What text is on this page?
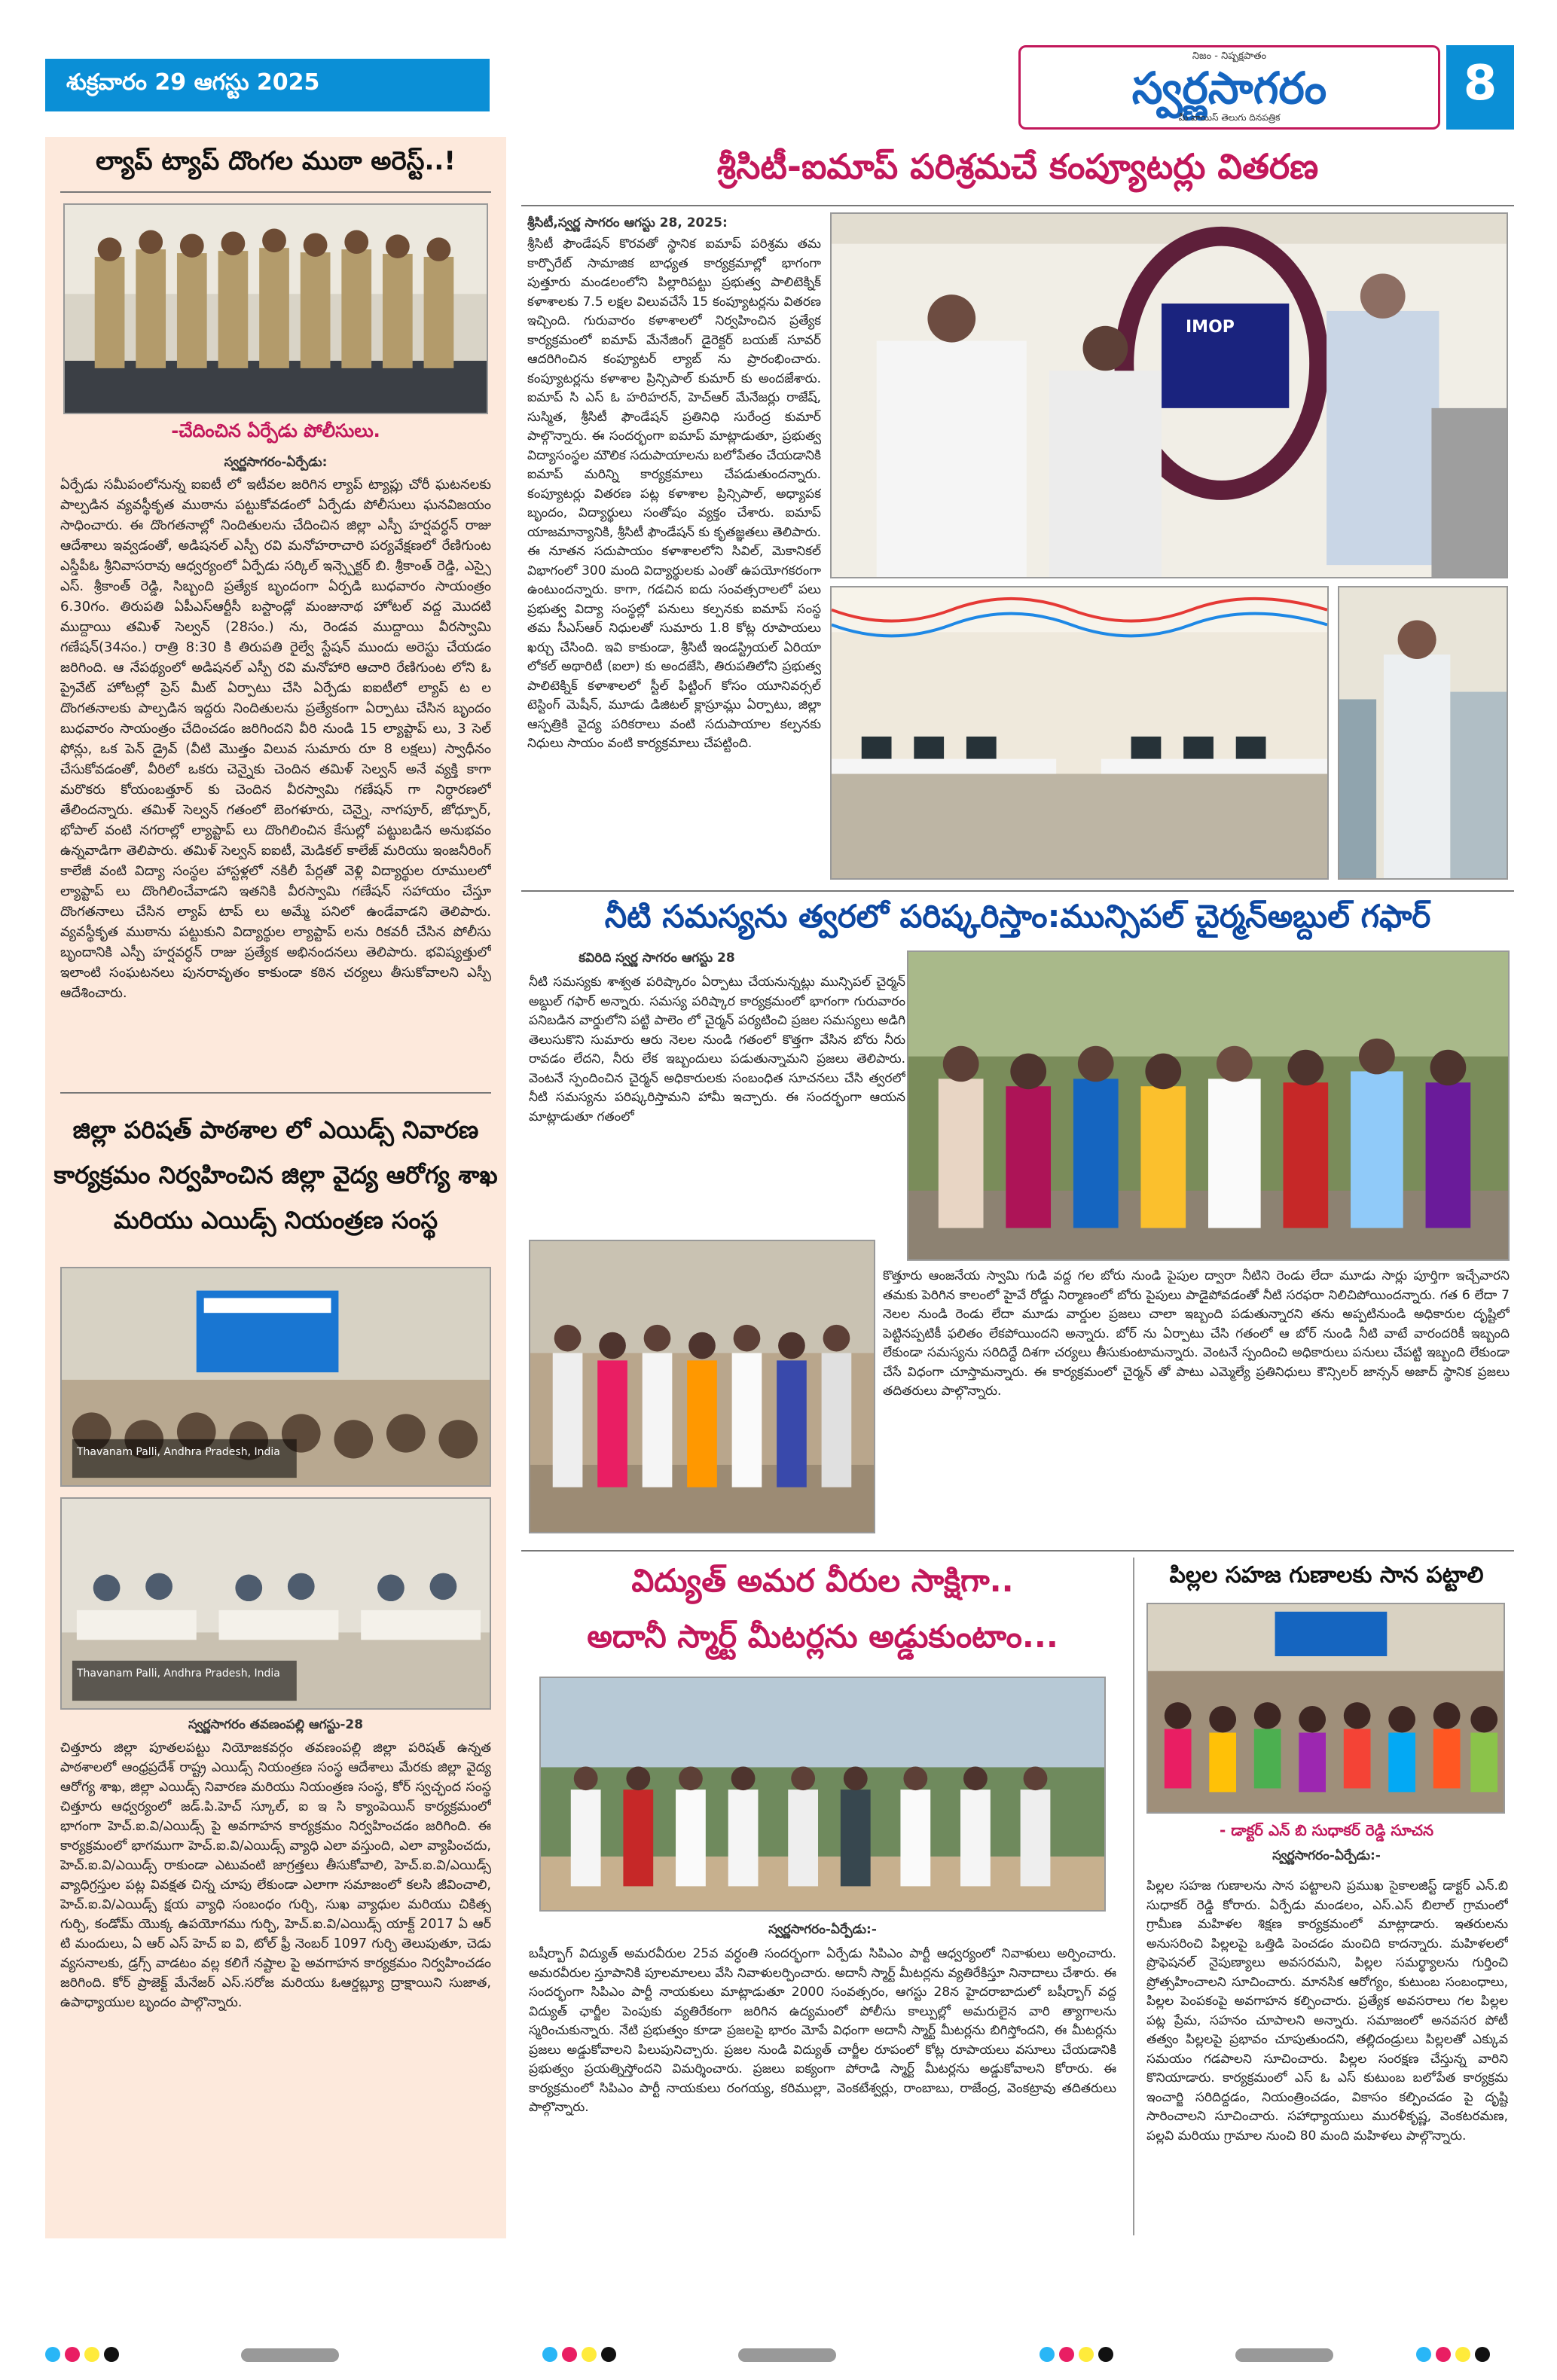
శుక్రవారం 29 ఆగస్టు 2025
నిజం - నిష్పక్షపాతం
స్వర్ణసాగరం
మీ వాయిస్ తెలుగు దినపత్రిక
8
ల్యాప్ ట్యాప్ దొంగల ముఠా అరెస్ట్..!
-చేదించిన ఏర్పేడు పోలీసులు.
స్వర్ణసాగరం-ఏర్పేడు:
ఏర్పేడు సమీపంలోనున్న ఐఐటీ లో ఇటీవల జరిగిన ల్యాప్ ట్యాప్లు చోరీ ఘటనలకు పాల్పడిన వ్యవస్థీకృత ముఠాను పట్టుకోవడంలో ఏర్పేడు పోలీసులు ఘనవిజయం సాధించారు. ఈ దొంగతనాల్లో నిందితులను చేదించిన జిల్లా ఎస్పీ హర్షవర్ధన్ రాజు ఆదేశాలు ఇవ్వడంతో, అడిషనల్ ఎస్పీ రవి మనోహరాచారి పర్యవేక్షణలో రేణిగుంట ఎస్డీపీఓ శ్రీనివాసరావు ఆధ్వర్యంలో ఏర్పేడు సర్కిల్ ఇన్స్పెక్టర్ బి. శ్రీకాంత్ రెడ్డి, ఎస్సై ఎస్. శ్రీకాంత్ రెడ్డి, సిబ్బంది ప్రత్యేక బృందంగా ఏర్పడి బుధవారం సాయంత్రం 6.30గం. తిరుపతి ఏపీఎస్ఆర్టీసీ బస్టాండ్లో మంజునాథ హోటల్ వద్ద మొదటి ముద్దాయి తమిళ్ సెల్వన్ (28సం.) ను, రెండవ ముద్దాయి వీరస్వామి గణేషన్(34సం.) రాత్రి 8:30 కి తిరుపతి రైల్వే స్టేషన్ ముందు అరెస్టు చేయడం జరిగింది. ఆ నేపథ్యంలో అడిషనల్ ఎస్పీ రవి మనోహారి ఆచారి రేణిగుంట లోని ఓ ప్రైవేట్ హోటల్లో ప్రెస్ మీట్ ఏర్పాటు చేసి ఏర్పేడు ఐఐటీలో ల్యాప్ ట ల దొంగతనాలకు పాల్పడిన ఇద్దరు నిందితులను ప్రత్యేకంగా ఏర్పాటు చేసిన బృందం బుధవారం సాయంత్రం చేదించడం జరిగిందని వీరి నుండి 15 ల్యాప్టాప్ లు, 3 సెల్ ఫోన్లు, ఒక పెన్ డ్రైవ్ (వీటి మొత్తం విలువ సుమారు రూ 8 లక్షలు) స్వాధీనం చేసుకోవడంతో, వీరిలో ఒకరు చెన్నైకు చెందిన తమిళ్ సెల్వన్ అనే వ్యక్తి కాగా మరొకరు కోయంబత్తూర్ కు చెందిన వీరస్వామి గణేషన్ గా నిర్ధారణలో తేలిందన్నారు. తమిళ్ సెల్వన్ గతంలో బెంగళూరు, చెన్నై, నాగపూర్, జోధ్పూర్, భోపాల్ వంటి నగరాల్లో ల్యాప్టాప్ లు దొంగిలించిన కేసుల్లో పట్టుబడిన అనుభవం ఉన్నవాడిగా తెలిపారు. తమిళ్ సెల్వన్ ఐఐటీ, మెడికల్ కాలేజ్ మరియు ఇంజనీరింగ్ కాలేజీ వంటి విద్యా సంస్థల హాస్టళ్లలో నకిలీ పేర్లతో వెళ్లి విద్యార్థుల రూములలో ల్యాప్టాప్ లు దొంగిలించేవాడని ఇతనికి వీరస్వామి గణేషన్ సహాయం చేస్తూ దొంగతనాలు చేసిన ల్యాప్ టాప్ లు అమ్మే పనిలో ఉండేవాడని తెలిపారు. వ్యవస్థీకృత ముఠాను పట్టుకుని విద్యార్థుల ల్యాప్టాప్ లను రికవరీ చేసిన పోలీసు బృందానికి ఎస్పీ హర్షవర్ధన్ రాజు ప్రత్యేక అభినందనలు తెలిపారు. భవిష్యత్తులో ఇలాంటి సంఘటనలు పునరావృతం కాకుండా కఠిన చర్యలు తీసుకోవాలని ఎస్పీ ఆదేశించారు.
జిల్లా పరిషత్ పాఠశాల లో ఎయిడ్స్ నివారణ కార్యక్రమం నిర్వహించిన జిల్లా వైద్య ఆరోగ్య శాఖ మరియు ఎయిడ్స్ నియంత్రణ సంస్థ
Thavanam Palli, Andhra Pradesh, India
Thavanam Palli, Andhra Pradesh, India
స్వర్ణసాగరం తవణంపల్లి ఆగస్టు-28
చిత్తూరు జిల్లా పూతలపట్టు నియోజకవర్గం తవణంపల్లి జిల్లా పరిషత్ ఉన్నత పాఠశాలలో ఆంధ్రప్రదేశ్ రాష్ట్ర ఎయిడ్స్ నియంత్రణ సంస్థ ఆదేశాలు మేరకు జిల్లా వైద్య ఆరోగ్య శాఖ, జిల్లా ఎయిడ్స్ నివారణ మరియు నియంత్రణ సంస్థ, కోర్ స్వచ్ఛంద సంస్థ చిత్తూరు ఆధ్వర్యంలో జడ్.పి.హెచ్ స్కూల్, ఐ ఇ సి క్యాంపెయిన్ కార్యక్రమంలో భాగంగా హెచ్.ఐ.వి/ఎయిడ్స్ పై అవగాహన కార్యక్రమం నిర్వహించడం జరిగింది. ఈ కార్యక్రమంలో భాగముగా హెచ్.ఐ.వి/ఎయిడ్స్ వ్యాధి ఎలా వస్తుంది, ఎలా వ్యాపించదు, హెచ్.ఐ.వి/ఎయిడ్స్ రాకుండా ఎటువంటి జాగ్రత్తలు తీసుకోవాలి, హెచ్.ఐ.వి/ఎయిడ్స్ వ్యాధిగ్రస్తుల పట్ల వివక్షత చిన్న చూపు లేకుండా ఎలాగా సమాజంలో కలసి జీవించాలి, హెచ్.ఐ.వి/ఎయిడ్స్ క్షయ వ్యాధి సంబంధం గుర్చి, సుఖ వ్యాధుల మరియు చికిత్స గుర్చి, కండోమ్ యొక్క ఉపయోగము గుర్చి, హెచ్.ఐ.వి/ఎయిడ్స్ యాక్ట్ 2017 ఏ ఆర్ టి మందులు, ఏ ఆర్ ఎస్ హెచ్ ఐ వి, టోల్ ఫ్రీ నెంబర్ 1097 గుర్చి తెలుపుతూ, చెడు వ్యసనాలకు, డ్రగ్స్ వాడటం వల్ల కలిగే నష్టాల పై అవగాహన కార్యక్రమం నిర్వహించడం జరిగింది. కోర్ ప్రాజెక్ట్ మేనేజర్ ఎస్.సరోజ మరియు ఓఆర్డబ్ల్యూ ద్రాక్షాయిని సుజాత, ఉపాధ్యాయుల బృందం పాల్గొన్నారు.
శ్రీసిటీ-ఐమాప్ పరిశ్రమచే కంప్యూటర్లు వితరణ
శ్రీసిటీ,స్వర్ణ సాగరం ఆగస్టు 28, 2025:
శ్రీసిటీ ఫౌండేషన్ కొరవతో స్థానిక ఐమాప్ పరిశ్రమ తమ కార్పొరేట్ సామాజిక బాధ్యత కార్యక్రమాల్లో భాగంగా పుత్తూరు మండలంలోని పిల్లారిపట్టు ప్రభుత్వ పాలిటెక్నిక్ కళాశాలకు 7.5 లక్షల విలువచేసే 15 కంప్యూటర్లను వితరణ ఇచ్చింది. గురువారం కళాశాలలో నిర్వహించిన ప్రత్యేక కార్యక్రమంలో ఐమాప్ మేనేజింగ్ డైరెక్టర్ బయజ్ సూవర్ ఆదరిగించిన కంప్యూటర్ ల్యాబ్ ను ప్రారంభించారు. కంప్యూటర్లను కళాశాల ప్రిన్సిపాల్ కుమార్ కు అందజేశారు. ఐమాప్ సి ఎస్ ఓ హరిహరన్, హెచ్ఆర్ మేనేజర్లు రాజేష్, సుస్మిత, శ్రీసిటీ ఫౌండేషన్ ప్రతినిధి సురేంద్ర కుమార్ పాల్గొన్నారు. ఈ సందర్భంగా ఐమాప్ మాట్లాడుతూ, ప్రభుత్వ విద్యాసంస్థల మౌలిక సదుపాయాలను బలోపేతం చేయడానికి ఐమాప్ మరిన్ని కార్యక్రమాలు చేపడుతుందన్నారు. కంప్యూటర్లు వితరణ పట్ల కళాశాల ప్రిన్సిపాల్, అధ్యాపక బృందం, విద్యార్థులు సంతోషం వ్యక్తం చేశారు. ఐమాప్ యాజమాన్యానికి, శ్రీసిటీ ఫౌండేషన్ కు కృతజ్ఞతలు తెలిపారు. ఈ నూతన సదుపాయం కళాశాలలోని సివిల్, మెకానికల్ విభాగంలో 300 మంది విద్యార్థులకు ఎంతో ఉపయోగకరంగా ఉంటుందన్నారు. కాగా, గడచిన ఐదు సంవత్సరాలలో పలు ప్రభుత్వ విద్యా సంస్థల్లో పనులు కల్పనకు ఐమాప్ సంస్థ తమ సీఎస్ఆర్ నిధులతో సుమారు 1.8 కోట్ల రూపాయలు ఖర్చు చేసింది. ఇవి కాకుండా, శ్రీసిటీ ఇండస్ట్రియల్ ఏరియా లోకల్ అథారిటీ (ఐలా) కు అందజేసి, తిరుపతిలోని ప్రభుత్వ పాలిటెక్నిక్ కళాశాలలో స్టీల్ ఫిట్టింగ్ కోసం యూనివర్సల్ టెస్టింగ్ మెషీన్, మూడు డిజిటల్ క్లాస్రూమ్లు ఏర్పాటు, జిల్లా ఆస్పత్రికి వైద్య పరికరాలు వంటి సదుపాయాల కల్పనకు నిధులు సాయం వంటి కార్యక్రమాలు చేపట్టింది.
IMOP
నీటి సమస్యను త్వరలో పరిష్కరిస్తాం:మున్సిపల్ చైర్మన్‌అబ్దుల్ గఫార్
కవిరిది స్వర్ణ సాగరం ఆగస్టు 28
నీటి సమస్యకు శాశ్వత పరిష్కారం ఏర్పాటు చేయనున్నట్లు మున్సిపల్ చైర్మన్ అబ్దుల్ గఫార్ అన్నారు. సమస్య పరిష్కార కార్యక్రమంలో భాగంగా గురువారం పనిబడిన వార్డులోని పట్టి పాలెం లో చైర్మన్ పర్యటించి ప్రజల సమస్యలు అడిగి తెలుసుకొని సుమారు ఆరు నెలల నుండి గతంలో కొత్తగా వేసిన బోరు నీరు రావడం లేదని, నీరు లేక ఇబ్బందులు పడుతున్నామని ప్రజలు తెలిపారు. వెంటనే స్పందించిన చైర్మన్ అధికారులకు సంబంధిత సూచనలు చేసి త్వరలో నీటి సమస్యను పరిష్కరిస్తామని హామీ ఇచ్చారు. ఈ సందర్భంగా ఆయన మాట్లాడుతూ గతంలో
కొత్తూరు ఆంజనేయ స్వామి గుడి వద్ద గల బోరు నుండి పైపుల ద్వారా నీటిని రెండు లేదా మూడు సార్లు పూర్తిగా ఇచ్చేవారని తమకు పెరిగిన కాలంలో హైవే రోడ్డు నిర్మాణంలో బోరు పైపులు పాడైపోవడంతో నీటి సరఫరా నిలిచిపోయిందన్నారు. గత 6 లేదా 7 నెలల నుండి రెండు లేదా మూడు వార్డుల ప్రజలు చాలా ఇబ్బంది పడుతున్నారని తను అప్పటినుండి అధికారుల దృష్టిలో పెట్టినప్పటికీ ఫలితం లేకపోయిందని అన్నారు. బోర్ ను ఏర్పాటు చేసి గతంలో ఆ బోర్ నుండి నీటి వాటే వారందరికీ ఇబ్బంది లేకుండా సమస్యను సరిదిద్దే దిశగా చర్యలు తీసుకుంటామన్నారు. వెంటనే స్పందించి అధికారులు పనులు చేపట్టి ఇబ్బంది లేకుండా చేసే విధంగా చూస్తామన్నారు. ఈ కార్యక్రమంలో చైర్మన్ తో పాటు ఎమ్మెల్యే ప్రతినిధులు కౌన్సిలర్ జాన్సన్ అజాద్ స్థానిక ప్రజలు తదితరులు పాల్గొన్నారు.
విద్యుత్ అమర వీరుల సాక్షిగా..
అదానీ స్మార్ట్ మీటర్లను అడ్డుకుంటాం...
స్వర్ణసాగరం-ఏర్పేడు:-
బషీర్బాగ్ విద్యుత్ అమరవీరుల 25వ వర్ధంతి సందర్భంగా ఏర్పేడు సిపిఎం పార్టీ ఆధ్వర్యంలో నివాళులు అర్పించారు. అమరవీరుల స్తూపానికి పూలమాలలు వేసి నివాళులర్పించారు. అదానీ స్మార్ట్ మీటర్లను వ్యతిరేకిస్తూ నినాదాలు చేశారు. ఈ సందర్భంగా సిపిఎం పార్టీ నాయకులు మాట్లాడుతూ 2000 సంవత్సరం, ఆగస్టు 28న హైదరాబాదులో బషీర్బాగ్ వద్ద విద్యుత్ ఛార్జీల పెంపుకు వ్యతిరేకంగా జరిగిన ఉద్యమంలో పోలీసు కాల్పుల్లో అమరులైన వారి త్యాగాలను స్మరించుకున్నారు. నేటి ప్రభుత్వం కూడా ప్రజలపై భారం మోపే విధంగా అదానీ స్మార్ట్ మీటర్లను బిగిస్తోందని, ఈ మీటర్లను ప్రజలు అడ్డుకోవాలని పిలుపునిచ్చారు. ప్రజల నుండి విద్యుత్ చార్జీల రూపంలో కోట్ల రూపాయలు వసూలు చేయడానికి ప్రభుత్వం ప్రయత్నిస్తోందని విమర్శించారు. ప్రజలు ఐక్యంగా పోరాడి స్మార్ట్ మీటర్లను అడ్డుకోవాలని కోరారు. ఈ కార్యక్రమంలో సిపిఎం పార్టీ నాయకులు రంగయ్య, కరిముల్లా, వెంకటేశ్వర్లు, రాంబాబు, రాజేంద్ర, వెంకట్రావు తదితరులు పాల్గొన్నారు.
పిల్లల సహజ గుణాలకు సాన పట్టాలి
- డాక్టర్ ఎన్ బి సుధాకర్ రెడ్డి సూచన
స్వర్ణసాగరం-ఏర్పేడు:-
పిల్లల సహజ గుణాలను సాన పట్టాలని ప్రముఖ సైకాలజిస్ట్ డాక్టర్ ఎన్.బి సుధాకర్ రెడ్డి కోరారు. ఏర్పేడు మండలం, ఎస్.ఎస్ బిలాల్ గ్రామంలో గ్రామీణ మహిళల శిక్షణ కార్యక్రమంలో మాట్లాడారు. ఇతరులను అనుసరించి పిల్లలపై ఒత్తిడి పెంచడం మంచిది కాదన్నారు. మహిళలలో ప్రొఫెషనల్ నైపుణ్యాలు అవసరమని, పిల్లల సమర్థ్యాలను గుర్తించి ప్రోత్సహించాలని సూచించారు. మానసిక ఆరోగ్యం, కుటుంబ సంబంధాలు, పిల్లల పెంపకంపై అవగాహన కల్పించారు. ప్రత్యేక అవసరాలు గల పిల్లల పట్ల ప్రేమ, సహనం చూపాలని అన్నారు. సమాజంలో అనవసర పోటీ తత్వం పిల్లలపై ప్రభావం చూపుతుందని, తల్లిదండ్రులు పిల్లలతో ఎక్కువ సమయం గడపాలని సూచించారు. పిల్లల సంరక్షణ చేస్తున్న వారిని కొనియాడారు. కార్యక్రమంలో ఎస్ ఓ ఎస్ కుటుంబ బలోపేత కార్యక్రమ ఇంచార్జి సరిదిద్దడం, నియంత్రించడం, వికాసం కల్పించడం పై దృష్టి సారించాలని సూచించారు. సహాధ్యాయులు మురళీకృష్ణ, వెంకటరమణ, పల్లవి మరియు గ్రామాల నుంచి 80 మంది మహిళలు పాల్గొన్నారు.
